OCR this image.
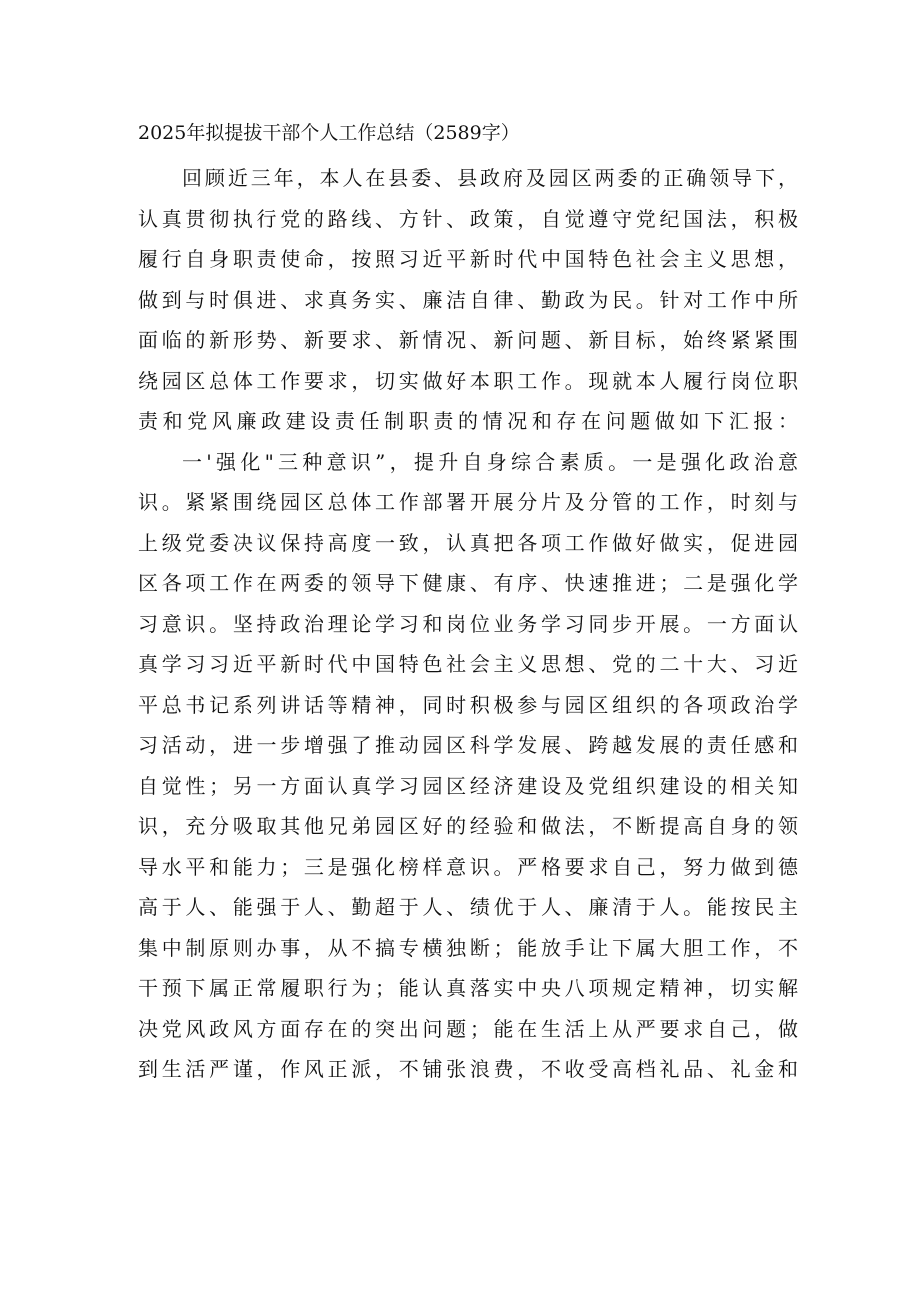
2025年拟提拔干部个人工作总结（2589字）
回顾近三年，本人在县委、县政府及园区两委的正确领导下，
认真贯彻执行党的路线、方针、政策，自觉遵守党纪国法，积极
履行自身职责使命，按照习近平新时代中国特色社会主义思想，
做到与时俱进、求真务实、廉洁自律、勤政为民。针对工作中所
面临的新形势、新要求、新情况、新问题、新目标，始终紧紧围
绕园区总体工作要求，切实做好本职工作。现就本人履行岗位职
责和党风廉政建设责任制职责的情况和存在问题做如下汇报：
一'强化"三种意识”，提升自身综合素质。一是强化政治意
识。紧紧围绕园区总体工作部署开展分片及分管的工作，时刻与
上级党委决议保持高度一致，认真把各项工作做好做实，促进园
区各项工作在两委的领导下健康、有序、快速推进；二是强化学
习意识。坚持政治理论学习和岗位业务学习同步开展。一方面认
真学习习近平新时代中国特色社会主义思想、党的二十大、习近
平总书记系列讲话等精神，同时积极参与园区组织的各项政治学
习活动，进一步增强了推动园区科学发展、跨越发展的责任感和
自觉性；另一方面认真学习园区经济建设及党组织建设的相关知
识，充分吸取其他兄弟园区好的经验和做法，不断提高自身的领
导水平和能力；三是强化榜样意识。严格要求自己，努力做到德
高于人、能强于人、勤超于人、绩优于人、廉清于人。能按民主
集中制原则办事，从不搞专横独断；能放手让下属大胆工作，不
干预下属正常履职行为；能认真落实中央八项规定精神，切实解
决党风政风方面存在的突出问题；能在生活上从严要求自己，做
到生活严谨，作风正派，不铺张浪费，不收受高档礼品、礼金和
